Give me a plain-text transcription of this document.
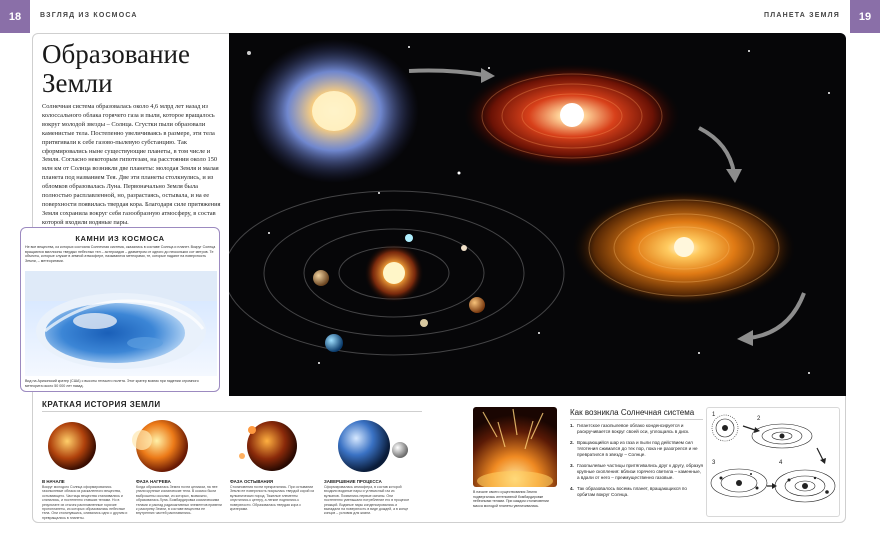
18	19
ВЗГЛЯД ИЗ КОСМОСА	ПЛАНЕТА ЗЕМЛЯ
Образование
Земли

Солнечная система образовалась около 4,6 млрд лет назад из колоссального облака горячего газа и пыли, которое вращалось вокруг молодой звезды – Солнца. Сгустки пыли образовали каменистые тела. Постепенно увеличиваясь в размере, эти тела притягивали к себе газово-пылевую субстанцию. Так сформировались ныне существующие планеты, в том числе и Земля. Согласно некоторым гипотезам, на расстоянии около 150 млн км от Солнца возникли две планеты: молодая Земля и малая планета под названием Тея. Две эти планеты столкнулись, и из обломков образовалась Луна. Первоначально Земля была полностью расплавленной, но, разрастаясь, остывала, и на ее поверхности появилась твердая кора. Благодаря силе притяжения Земля сохранила вокруг себя газообразную атмосферу, в состав которой входили водяные пары.

КАМНИ ИЗ КОСМОСА

Не все вещества, из которых состояла Солнечная система, оказались в составе Солнца и планет. Вокруг Солнца вращаются миллионы твердых небесных тел – астероидов – диаметром от одного до нескольких сот метров. Те объекты, которые служат в земной атмосфере, называются метеорами, те, которые падают на поверхность Земли, – метеоритами.

Вид на Аризонский кратер (США) с высоты птичьего полета. Этот кратер возник при падении огромного метеорита около 50 000 лет назад.

КРАТКАЯ ИСТОРИЯ ЗЕМЛИ
В НАЧАЛЕ

Вокруг молодого Солнца сформировались газопылевые облака из раскаленного вещества, остывающего. Частицы вещества сталкивались и слипались, и постепенно ставших телами. Но в результате их стычек расплавленные горячие протопланеты, из которых образовались небесные тела. Они столкнувшись, сливались одно с другим и превращались в планеты.

ФАЗА НАГРЕВА

Когда образовалась Земля почти целиком, на нее упали крупные космические тела. В космос были выброшены осколки, из которых, возможно, образовалась Луна. Бомбардировка космическими телами и распад радиоактивных элементов привели к разогреву Земли, в составе вещества ее внутренних частей расплавились.

ФАЗА ОСТЫВАНИЯ

Столкновения почти прекратились. При остывании Земли ее поверхность покрылась твердой корой из вулканических пород. Тяжелые элементы опустились к центру, а легкие поднялись к поверхности. Образовалась твердая кора с кратерами.

ЗАВЕРШЕНИЕ ПРОЦЕССА

Сформировалась атмосфера, в состав которой входили водяные пары и углекислый газ из вулканов. Появились первые океаны. Они постепенно уменьшали потребление его в процессе реакций. Водяные пары конденсировались и выпадали на поверхность в виде дождей, а в конце концов – условия для жизни.

В начале своего существования Земля подвергалась интенсивной бомбардировке небесными телами. При каждом столкновении масса молодой планеты увеличивалась.

Как возникла Солнечная система
1. Гигантское газопылевое облако конденсируется и раскручивается вокруг своей оси, уплощаясь в диск.
2. Вращающийся шар из газа и пыли под действием сил тяготения сжимался до тех пор, пока не разогрелся и не превратился в звезду – Солнце.
3. Газопылевые частицы притягивались друг к другу, образуя крупные скопления: вблизи горячего светила – каменные, а вдали от него – преимущественно газовые.
4. Так образовалось восемь планет, вращающихся по орбитам вокруг Солнца.
1
2
3	4
